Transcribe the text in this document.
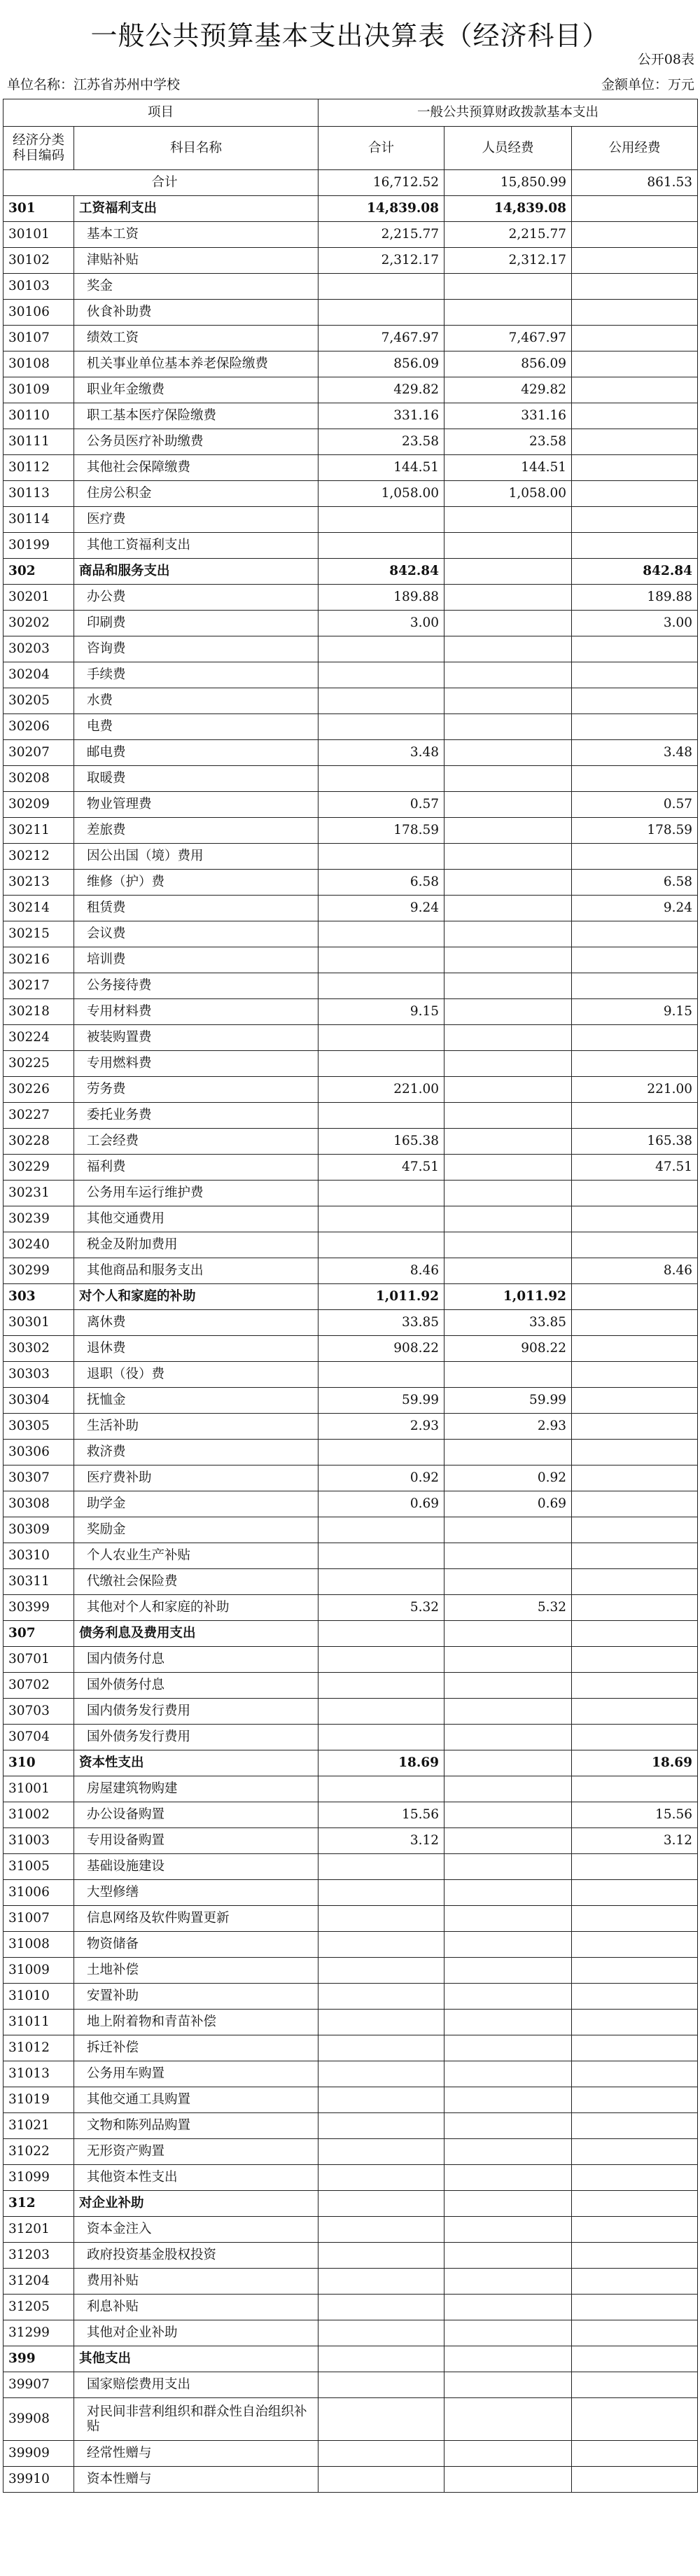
一般公共预算基本支出决算表（经济科目）
公开08表
单位名称：江苏省苏州中学校	金额单位：万元
项目		一般公共预算财政拨款基本支出		
经济分类科目编码	科目名称	合计	人员经费	公用经费
合计		16,712.52	15,850.99	861.53
301	工资福利支出	14,839.08	14,839.08	
30101	基本工资	2,215.77	2,215.77	
30102	津贴补贴	2,312.17	2,312.17	
30103	奖金			
30106	伙食补助费			
30107	绩效工资	7,467.97	7,467.97	
30108	机关事业单位基本养老保险缴费	856.09	856.09	
30109	职业年金缴费	429.82	429.82	
30110	职工基本医疗保险缴费	331.16	331.16	
30111	公务员医疗补助缴费	23.58	23.58	
30112	其他社会保障缴费	144.51	144.51	
30113	住房公积金	1,058.00	1,058.00	
30114	医疗费			
30199	其他工资福利支出			
302	商品和服务支出	842.84		842.84
30201	办公费	189.88		189.88
30202	印刷费	3.00		3.00
30203	咨询费			
30204	手续费			
30205	水费			
30206	电费			
30207	邮电费	3.48		3.48
30208	取暖费			
30209	物业管理费	0.57		0.57
30211	差旅费	178.59		178.59
30212	因公出国（境）费用			
30213	维修（护）费	6.58		6.58
30214	租赁费	9.24		9.24
30215	会议费			
30216	培训费			
30217	公务接待费			
30218	专用材料费	9.15		9.15
30224	被装购置费			
30225	专用燃料费			
30226	劳务费	221.00		221.00
30227	委托业务费			
30228	工会经费	165.38		165.38
30229	福利费	47.51		47.51
30231	公务用车运行维护费			
30239	其他交通费用			
30240	税金及附加费用			
30299	其他商品和服务支出	8.46		8.46
303	对个人和家庭的补助	1,011.92	1,011.92	
30301	离休费	33.85	33.85	
30302	退休费	908.22	908.22	
30303	退职（役）费			
30304	抚恤金	59.99	59.99	
30305	生活补助	2.93	2.93	
30306	救济费			
30307	医疗费补助	0.92	0.92	
30308	助学金	0.69	0.69	
30309	奖励金			
30310	个人农业生产补贴			
30311	代缴社会保险费			
30399	其他对个人和家庭的补助	5.32	5.32	
307	债务利息及费用支出			
30701	国内债务付息			
30702	国外债务付息			
30703	国内债务发行费用			
30704	国外债务发行费用			
310	资本性支出	18.69		18.69
31001	房屋建筑物购建			
31002	办公设备购置	15.56		15.56
31003	专用设备购置	3.12		3.12
31005	基础设施建设			
31006	大型修缮			
31007	信息网络及软件购置更新			
31008	物资储备			
31009	土地补偿			
31010	安置补助			
31011	地上附着物和青苗补偿			
31012	拆迁补偿			
31013	公务用车购置			
31019	其他交通工具购置			
31021	文物和陈列品购置			
31022	无形资产购置			
31099	其他资本性支出			
312	对企业补助			
31201	资本金注入			
31203	政府投资基金股权投资			
31204	费用补贴			
31205	利息补贴			
31299	其他对企业补助			
399	其他支出			
39907	国家赔偿费用支出			
39908	对民间非营利组织和群众性自治组织补贴			
39909	经常性赠与			
39910	资本性赠与			
